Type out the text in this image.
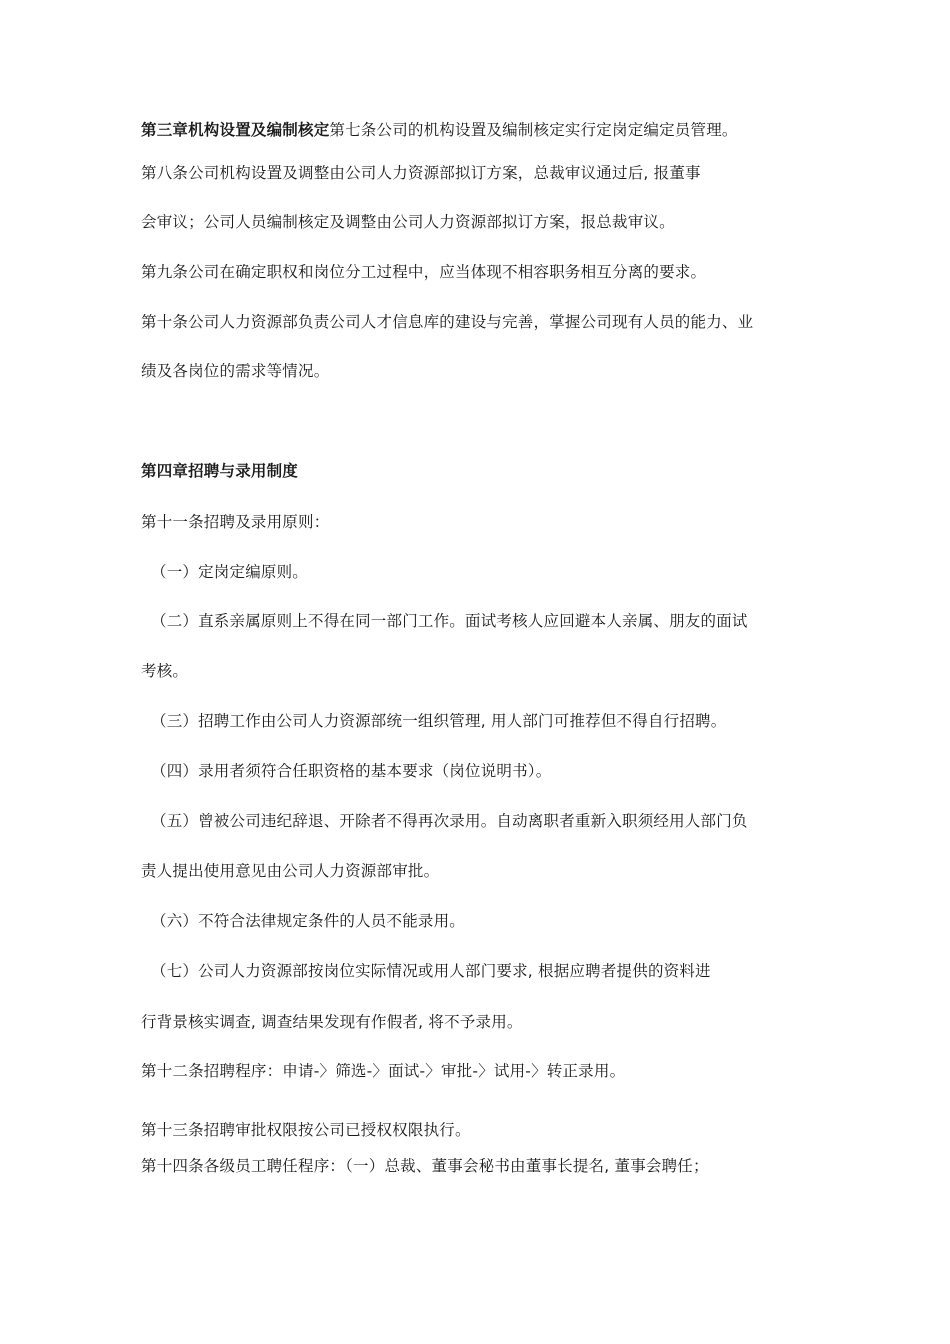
第三章机构设置及编制核定第七条公司的机构设置及编制核定实行定岗定编定员管理。
第八条公司机构设置及调整由公司人力资源部拟订方案，总裁审议通过后, 报董事
会审议；公司人员编制核定及调整由公司人力资源部拟订方案，报总裁审议。
第九条公司在确定职权和岗位分工过程中，应当体现不相容职务相互分离的要求。
第十条公司人力资源部负责公司人才信息库的建设与完善，掌握公司现有人员的能力、业
绩及各岗位的需求等情况。
第四章招聘与录用制度
第十一条招聘及录用原则：
（一）定岗定编原则。
（二）直系亲属原则上不得在同一部门工作。面试考核人应回避本人亲属、朋友的面试
考核。
（三）招聘工作由公司人力资源部统一组织管理, 用人部门可推荐但不得自行招聘。
（四）录用者须符合任职资格的基本要求（岗位说明书）。
（五）曾被公司违纪辞退、开除者不得再次录用。自动离职者重新入职须经用人部门负
责人提出使用意见由公司人力资源部审批。
（六）不符合法律规定条件的人员不能录用。
（七）公司人力资源部按岗位实际情况或用人部门要求, 根据应聘者提供的资料进
行背景核实调查, 调查结果发现有作假者, 将不予录用。
第十二条招聘程序：申请-〉筛选-〉面试-〉审批-〉试用-〉转正录用。
第十三条招聘审批权限按公司已授权权限执行。
第十四条各级员工聘任程序：（一）总裁、董事会秘书由董事长提名, 董事会聘任；
